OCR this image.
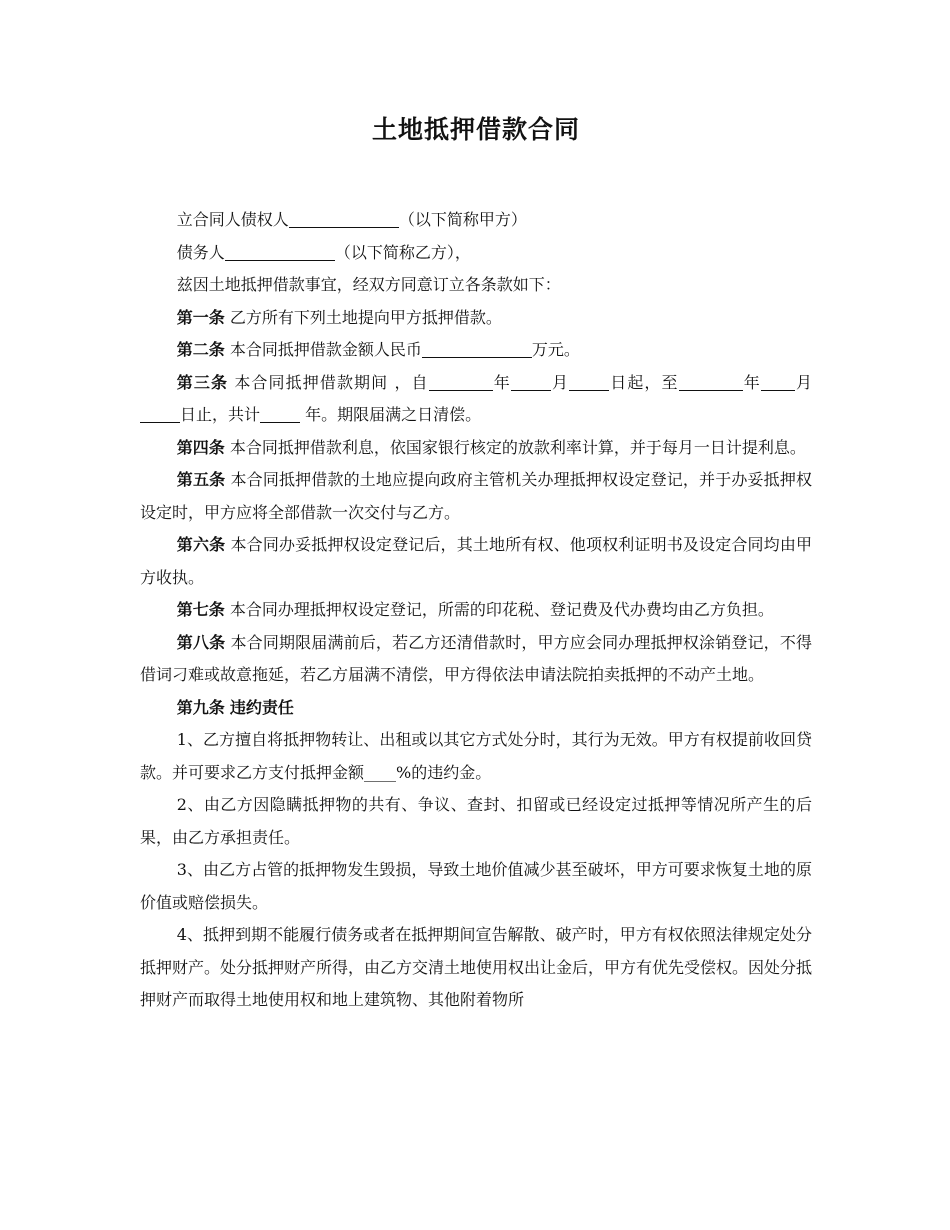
土地抵押借款合同

立合同人债权人	（以下简称甲方）

债务人	（以下简称乙方），

兹因土地抵押借款事宜，经双方同意订立各条款如下：

第一条 乙方所有下列土地提向甲方抵押借款。

第二条 本合同抵押借款金额人民币	万元。

第三条 本合同抵押借款期间 ，自	年	月	日起，至	年 月日止，共计	年。期限届满之日清偿。

第四条 本合同抵押借款利息，依国家银行核定的放款利率计算，并于每月一日计提利息。

第五条 本合同抵押借款的土地应提向政府主管机关办理抵押权设定登记，并于办妥抵押权设定时，甲方应将全部借款一次交付与乙方。

第六条 本合同办妥抵押权设定登记后，其土地所有权、他项权利证明书及设定合同均由甲方收执。

第七条 本合同办理抵押权设定登记，所需的印花税、登记费及代办费均由乙方负担。

第八条 本合同期限届满前后，若乙方还清借款时，甲方应会同办理抵押权涂销登记，不得借词刁难或故意拖延，若乙方届满不清偿，甲方得依法申请法院拍卖抵押的不动产土地。

第九条 违约责任

1、乙方擅自将抵押物转让、出租或以其它方式处分时，其行为无效。甲方有权提前收回贷款。并可要求乙方支付抵押金额____%的违约金。

2、由乙方因隐瞒抵押物的共有、争议、查封、扣留或已经设定过抵押等情况所产生的后果，由乙方承担责任。

3、由乙方占管的抵押物发生毁损，导致土地价值减少甚至破坏，甲方可要求恢复土地的原价值或赔偿损失。

4、抵押到期不能履行债务或者在抵押期间宣告解散、破产时，甲方有权依照法律规定处分抵押财产。处分抵押财产所得，由乙方交清土地使用权出让金后，甲方有优先受偿权。因处分抵押财产而取得土地使用权和地上建筑物、其他附着物所
